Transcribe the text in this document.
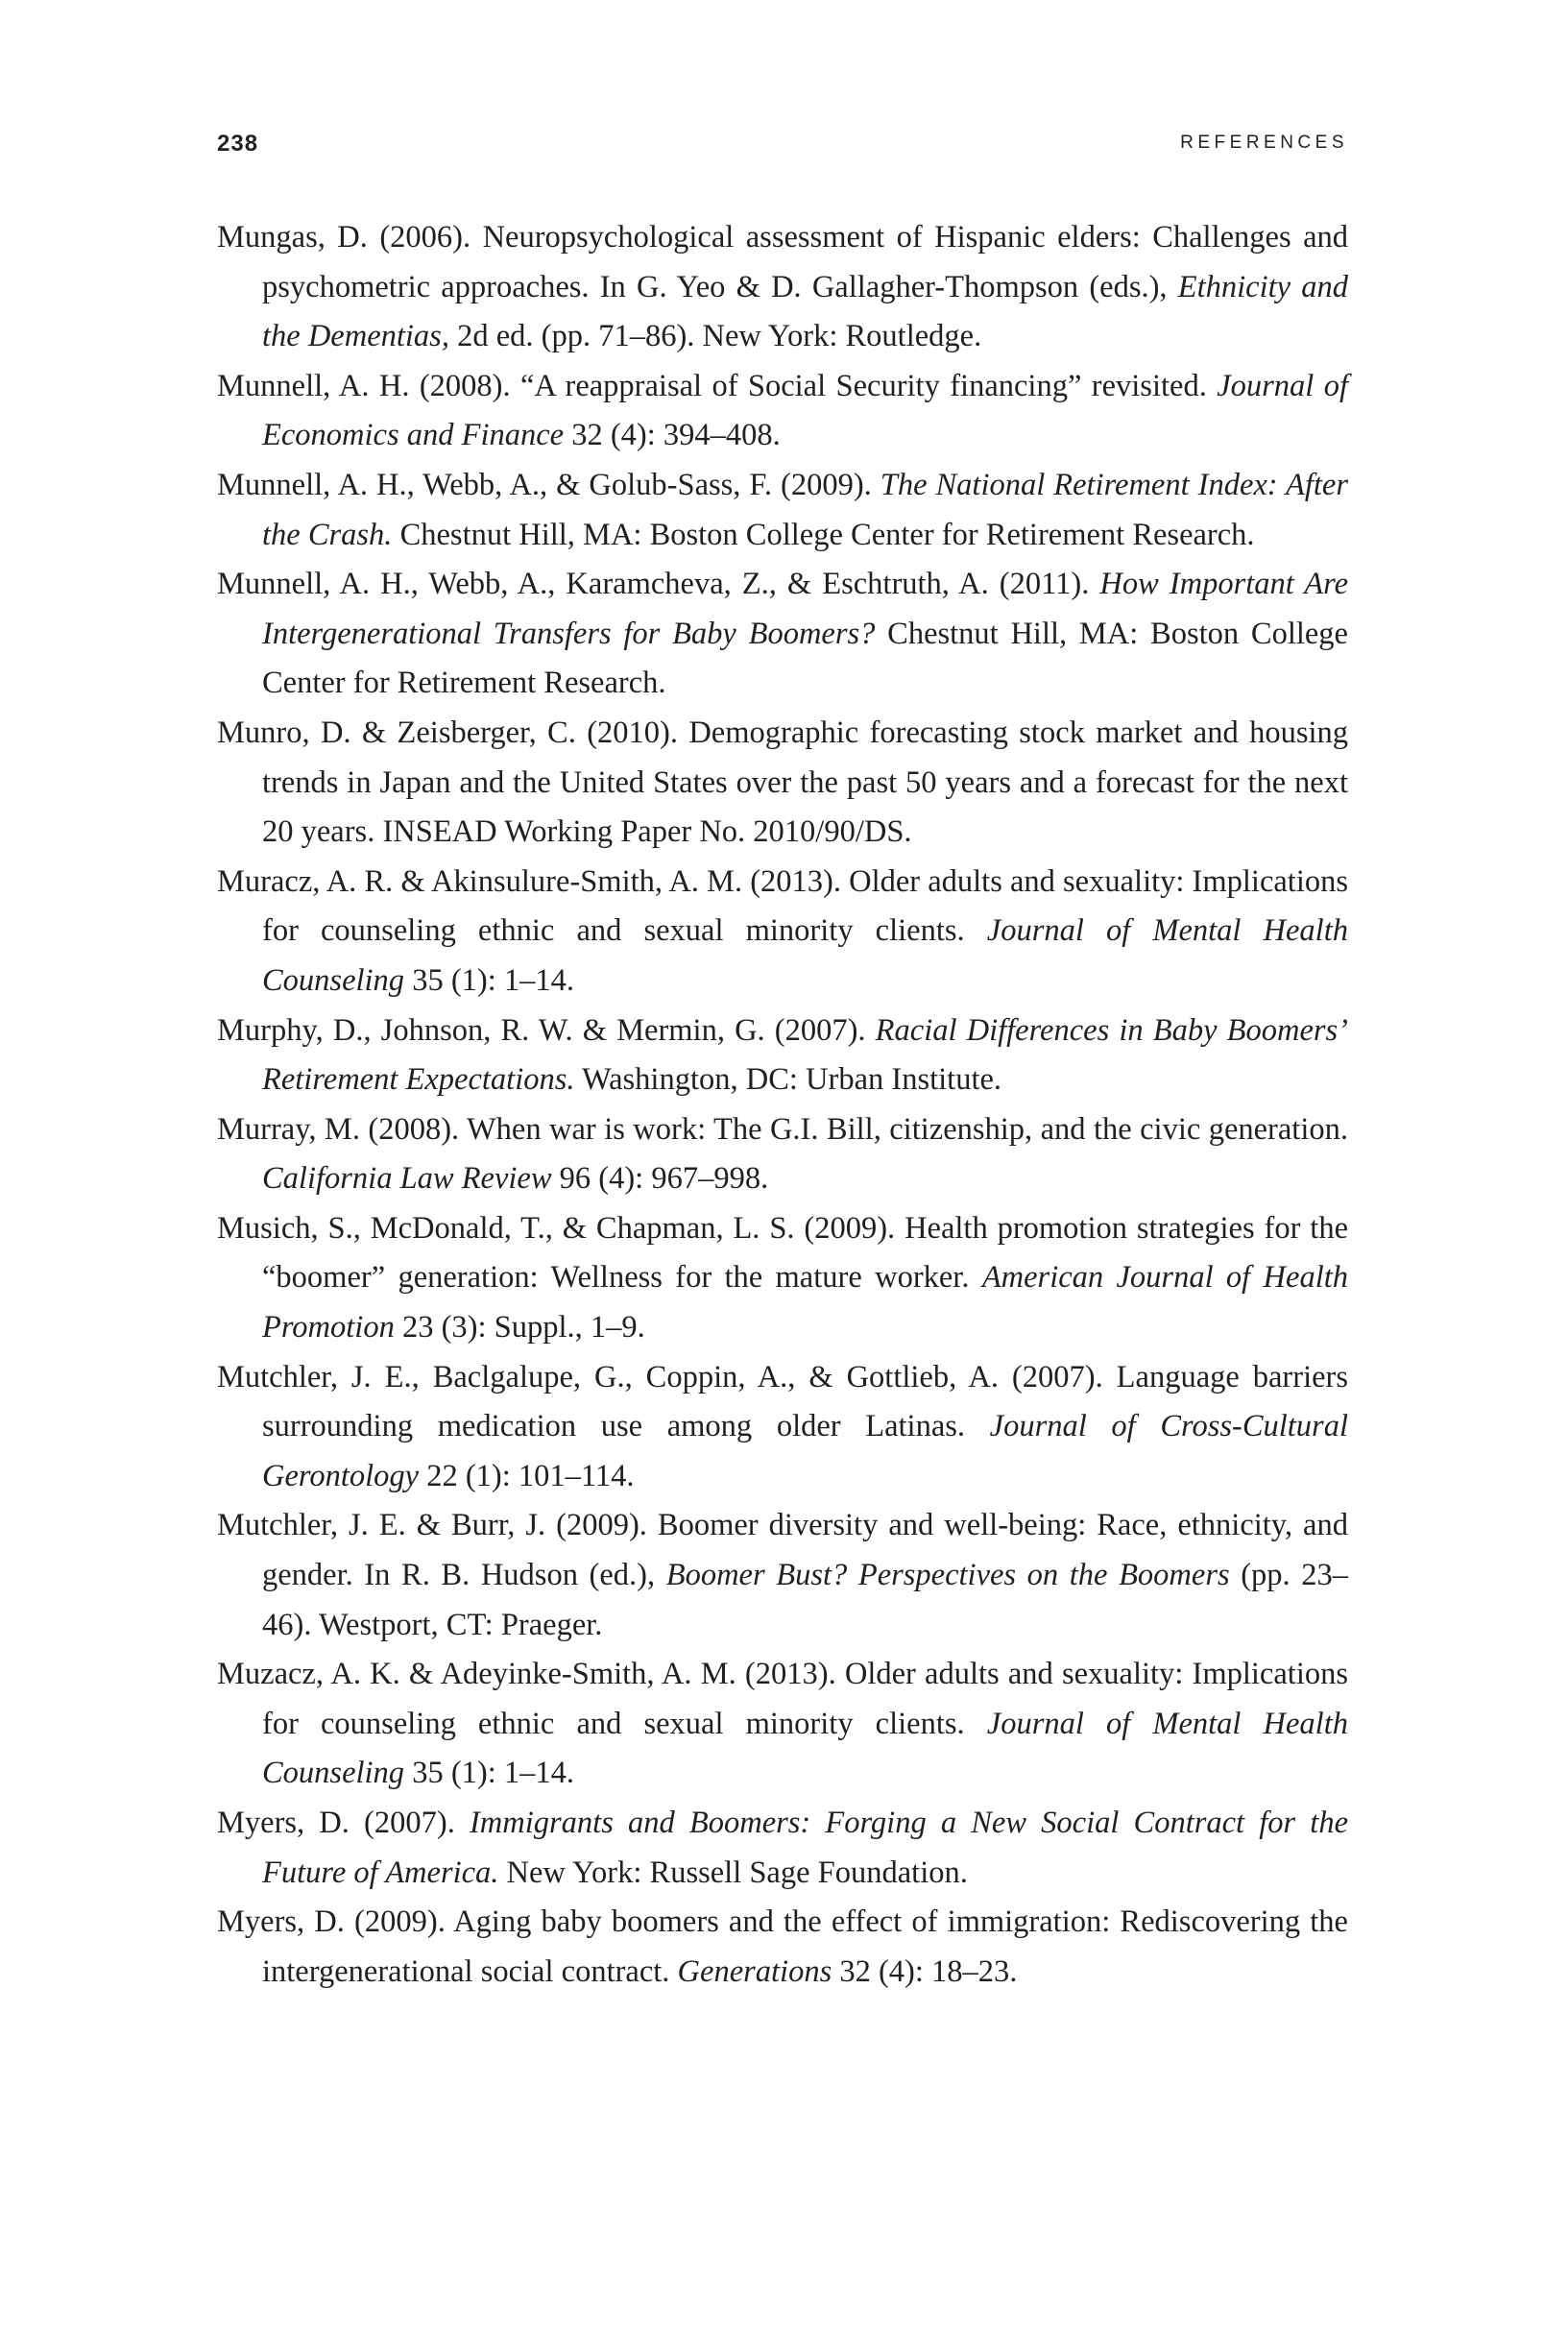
238	REFERENCES

Mungas, D. (2006). Neuropsychological assessment of Hispanic elders: Challenges and psychometric approaches. In G. Yeo & D. Gallagher-Thompson (eds.), Ethnicity and the Dementias, 2d ed. (pp. 71–86). New York: Routledge.

Munnell, A. H. (2008). “A reappraisal of Social Security financing” revisited. Journal of Economics and Finance 32 (4): 394–408.

Munnell, A. H., Webb, A., & Golub-Sass, F. (2009). The National Retirement Index: After the Crash. Chestnut Hill, MA: Boston College Center for Retirement Research.

Munnell, A. H., Webb, A., Karamcheva, Z., & Eschtruth, A. (2011). How Important Are Intergenerational Transfers for Baby Boomers? Chestnut Hill, MA: Boston College Center for Retirement Research.

Munro, D. & Zeisberger, C. (2010). Demographic forecasting stock market and housing trends in Japan and the United States over the past 50 years and a forecast for the next 20 years. INSEAD Working Paper No. 2010/90/DS.

Muracz, A. R. & Akinsulure-Smith, A. M. (2013). Older adults and sexuality: Implications for counseling ethnic and sexual minority clients. Journal of Mental Health Counseling 35 (1): 1–14.

Murphy, D., Johnson, R. W. & Mermin, G. (2007). Racial Differences in Baby Boomers’ Retirement Expectations. Washington, DC: Urban Institute.

Murray, M. (2008). When war is work: The G.I. Bill, citizenship, and the civic generation. California Law Review 96 (4): 967–998.

Musich, S., McDonald, T., & Chapman, L. S. (2009). Health promotion strategies for the “boomer” generation: Wellness for the mature worker. American Journal of Health Promotion 23 (3): Suppl., 1–9.

Mutchler, J. E., Baclgalupe, G., Coppin, A., & Gottlieb, A. (2007). Language barriers surrounding medication use among older Latinas. Journal of Cross-Cultural Gerontology 22 (1): 101–114.

Mutchler, J. E. & Burr, J. (2009). Boomer diversity and well-being: Race, ethnicity, and gender. In R. B. Hudson (ed.), Boomer Bust? Perspectives on the Boomers (pp. 23–46). Westport, CT: Praeger.

Muzacz, A. K. & Adeyinke-Smith, A. M. (2013). Older adults and sexuality: Implications for counseling ethnic and sexual minority clients. Journal of Mental Health Counseling 35 (1): 1–14.

Myers, D. (2007). Immigrants and Boomers: Forging a New Social Contract for the Future of America. New York: Russell Sage Foundation.

Myers, D. (2009). Aging baby boomers and the effect of immigration: Rediscovering the intergenerational social contract. Generations 32 (4): 18–23.
